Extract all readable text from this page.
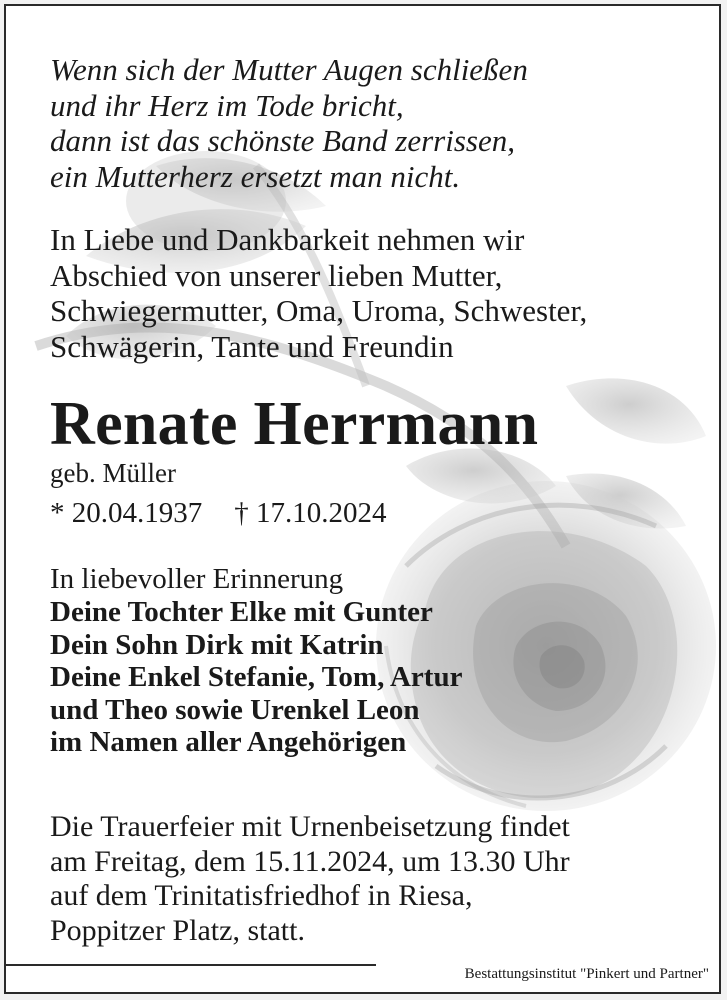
Wenn sich der Mutter Augen schließen
und ihr Herz im Tode bricht,
dann ist das schönste Band zerrissen,
ein Mutterherz ersetzt man nicht.
In Liebe und Dankbarkeit nehmen wir
Abschied von unserer lieben Mutter,
Schwiegermutter, Oma, Uroma, Schwester,
Schwägerin, Tante und Freundin
Renate Herrmann
geb. Müller
* 20.04.1937 † 17.10.2024
In liebevoller Erinnerung
Deine Tochter Elke mit Gunter
Dein Sohn Dirk mit Katrin
Deine Enkel Stefanie, Tom, Artur
und Theo sowie Urenkel Leon
im Namen aller Angehörigen
Die Trauerfeier mit Urnenbeisetzung findet
am Freitag, dem 15.11.2024, um 13.30 Uhr
auf dem Trinitatisfriedhof in Riesa,
Poppitzer Platz, statt.
Bestattungsinstitut "Pinkert und Partner"
